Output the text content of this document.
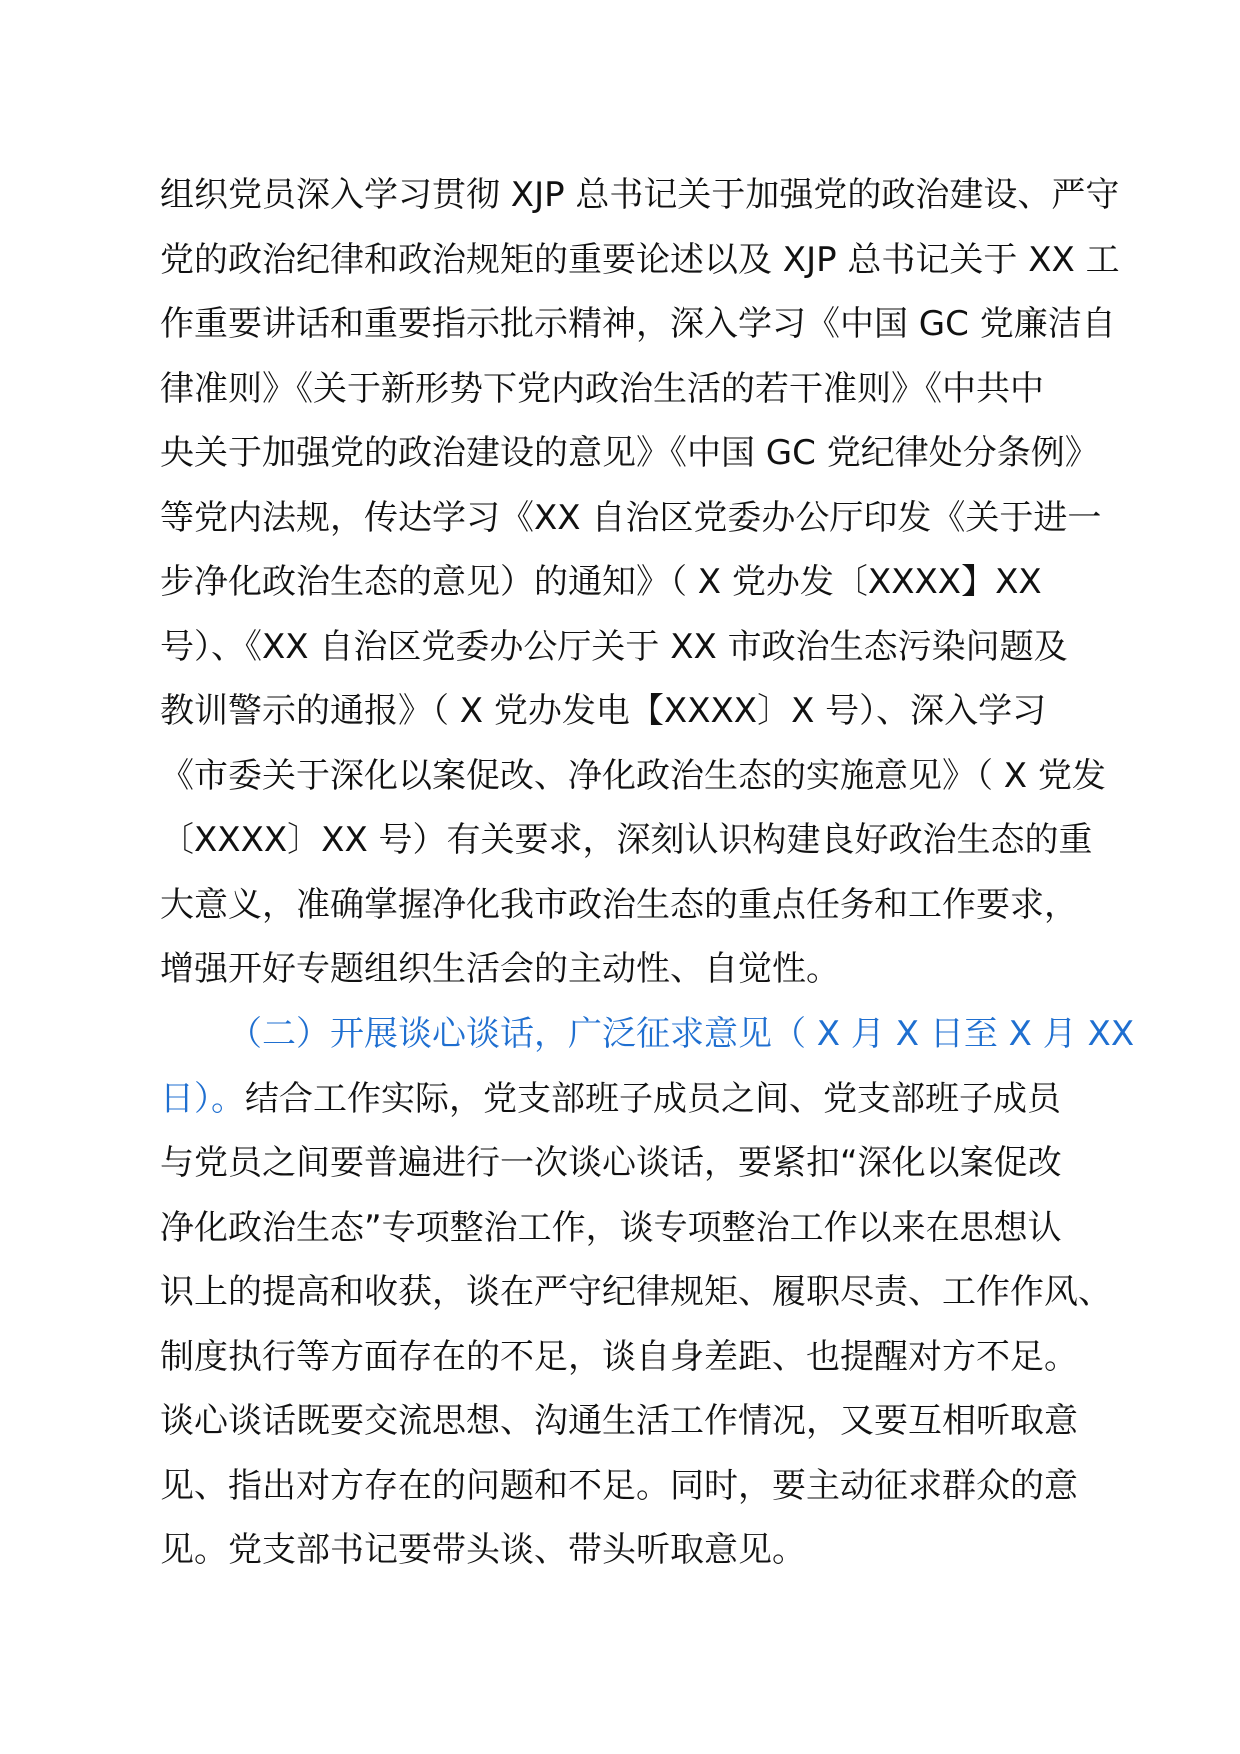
组织党员深入学习贯彻 XJP 总书记关于加强党的政治建设、严守
党的政治纪律和政治规矩的重要论述以及 XJP 总书记关于 XX 工
作重要讲话和重要指示批示精神，深入学习《中国 GC 党廉洁自
律准则》《关于新形势下党内政治生活的若干准则》《中共中
央关于加强党的政治建设的意见》《中国 GC 党纪律处分条例》
等党内法规，传达学习《XX 自治区党委办公厅印发《关于进一
步净化政治生态的意见）的通知》（ X 党办发〔XXXX】XX
号）、《XX 自治区党委办公厅关于 XX 市政治生态污染问题及
教训警示的通报》（ X 党办发电【XXXX〕X 号）、深入学习
《市委关于深化以案促改、净化政治生态的实施意见》（ X 党发
〔XXXX〕XX 号）有关要求，深刻认识构建良好政治生态的重
大意义，准确掌握净化我市政治生态的重点任务和工作要求，
增强开好专题组织生活会的主动性、自觉性。
（二）开展谈心谈话，广泛征求意见（ X 月 X 日至 X 月 XX
日）。结合工作实际，党支部班子成员之间、党支部班子成员
与党员之间要普遍进行一次谈心谈话，要紧扣“深化以案促改
净化政治生态”专项整治工作，谈专项整治工作以来在思想认
识上的提高和收获，谈在严守纪律规矩、履职尽责、工作作风、
制度执行等方面存在的不足，谈自身差距、也提醒对方不足。
谈心谈话既要交流思想、沟通生活工作情况，又要互相听取意
见、指出对方存在的问题和不足。同时，要主动征求群众的意
见。党支部书记要带头谈、带头听取意见。
